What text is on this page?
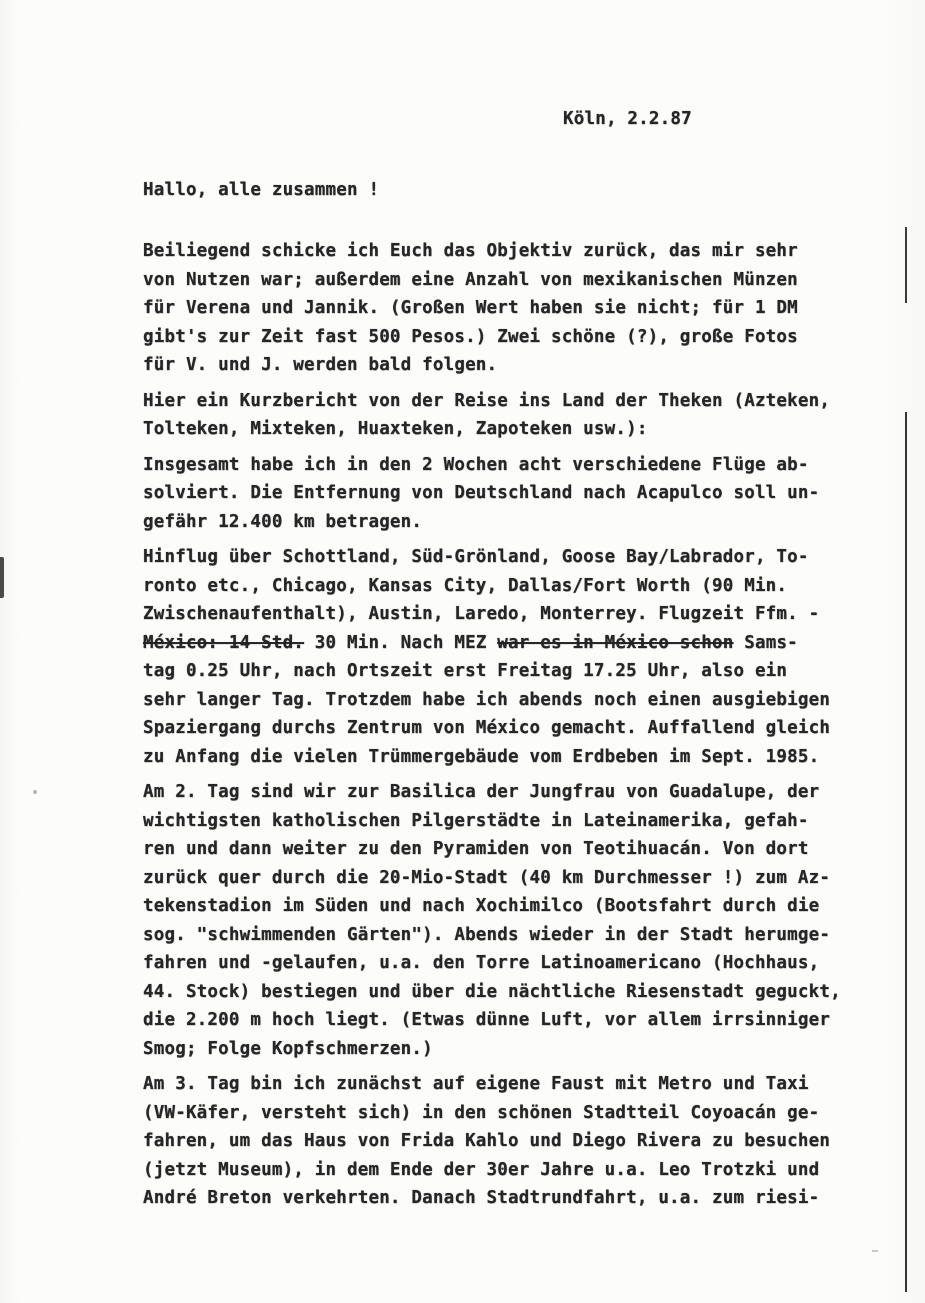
Köln, 2.2.87
Hallo, alle zusammen !
Beiliegend schicke ich Euch das Objektiv zurück, das mir sehr
von Nutzen war; außerdem eine Anzahl von mexikanischen Münzen
für Verena und Jannik. (Großen Wert haben sie nicht; für 1 DM
gibt's zur Zeit fast 500 Pesos.) Zwei schöne (?), große Fotos
für V. und J. werden bald folgen.
Hier ein Kurzbericht von der Reise ins Land der Theken (Azteken,
Tolteken, Mixteken, Huaxteken, Zapoteken usw.):
Insgesamt habe ich in den 2 Wochen acht verschiedene Flüge ab-
solviert. Die Entfernung von Deutschland nach Acapulco soll un-
gefähr 12.400 km betragen.
Hinflug über Schottland, Süd-Grönland, Goose Bay/Labrador, To-
ronto etc., Chicago, Kansas City, Dallas/Fort Worth (90 Min.
Zwischenaufenthalt), Austin, Laredo, Monterrey. Flugzeit Ffm. -
México: 14 Std. 30 Min. Nach MEZ war es in México schon Sams-
tag 0.25 Uhr, nach Ortszeit erst Freitag 17.25 Uhr, also ein
sehr langer Tag. Trotzdem habe ich abends noch einen ausgiebigen
Spaziergang durchs Zentrum von México gemacht. Auffallend gleich
zu Anfang die vielen Trümmergebäude vom Erdbeben im Sept. 1985.
Am 2. Tag sind wir zur Basilica der Jungfrau von Guadalupe, der
wichtigsten katholischen Pilgerstädte in Lateinamerika, gefah-
ren und dann weiter zu den Pyramiden von Teotihuacán. Von dort
zurück quer durch die 20-Mio-Stadt (40 km Durchmesser !) zum Az-
tekenstadion im Süden und nach Xochimilco (Bootsfahrt durch die
sog. "schwimmenden Gärten"). Abends wieder in der Stadt herumge-
fahren und -gelaufen, u.a. den Torre Latinoamericano (Hochhaus,
44. Stock) bestiegen und über die nächtliche Riesenstadt geguckt,
die 2.200 m hoch liegt. (Etwas dünne Luft, vor allem irrsinniger
Smog; Folge Kopfschmerzen.)
Am 3. Tag bin ich zunächst auf eigene Faust mit Metro und Taxi
(VW-Käfer, versteht sich) in den schönen Stadtteil Coyoacán ge-
fahren, um das Haus von Frida Kahlo und Diego Rivera zu besuchen
(jetzt Museum), in dem Ende der 30er Jahre u.a. Leo Trotzki und
André Breton verkehrten. Danach Stadtrundfahrt, u.a. zum riesi-
